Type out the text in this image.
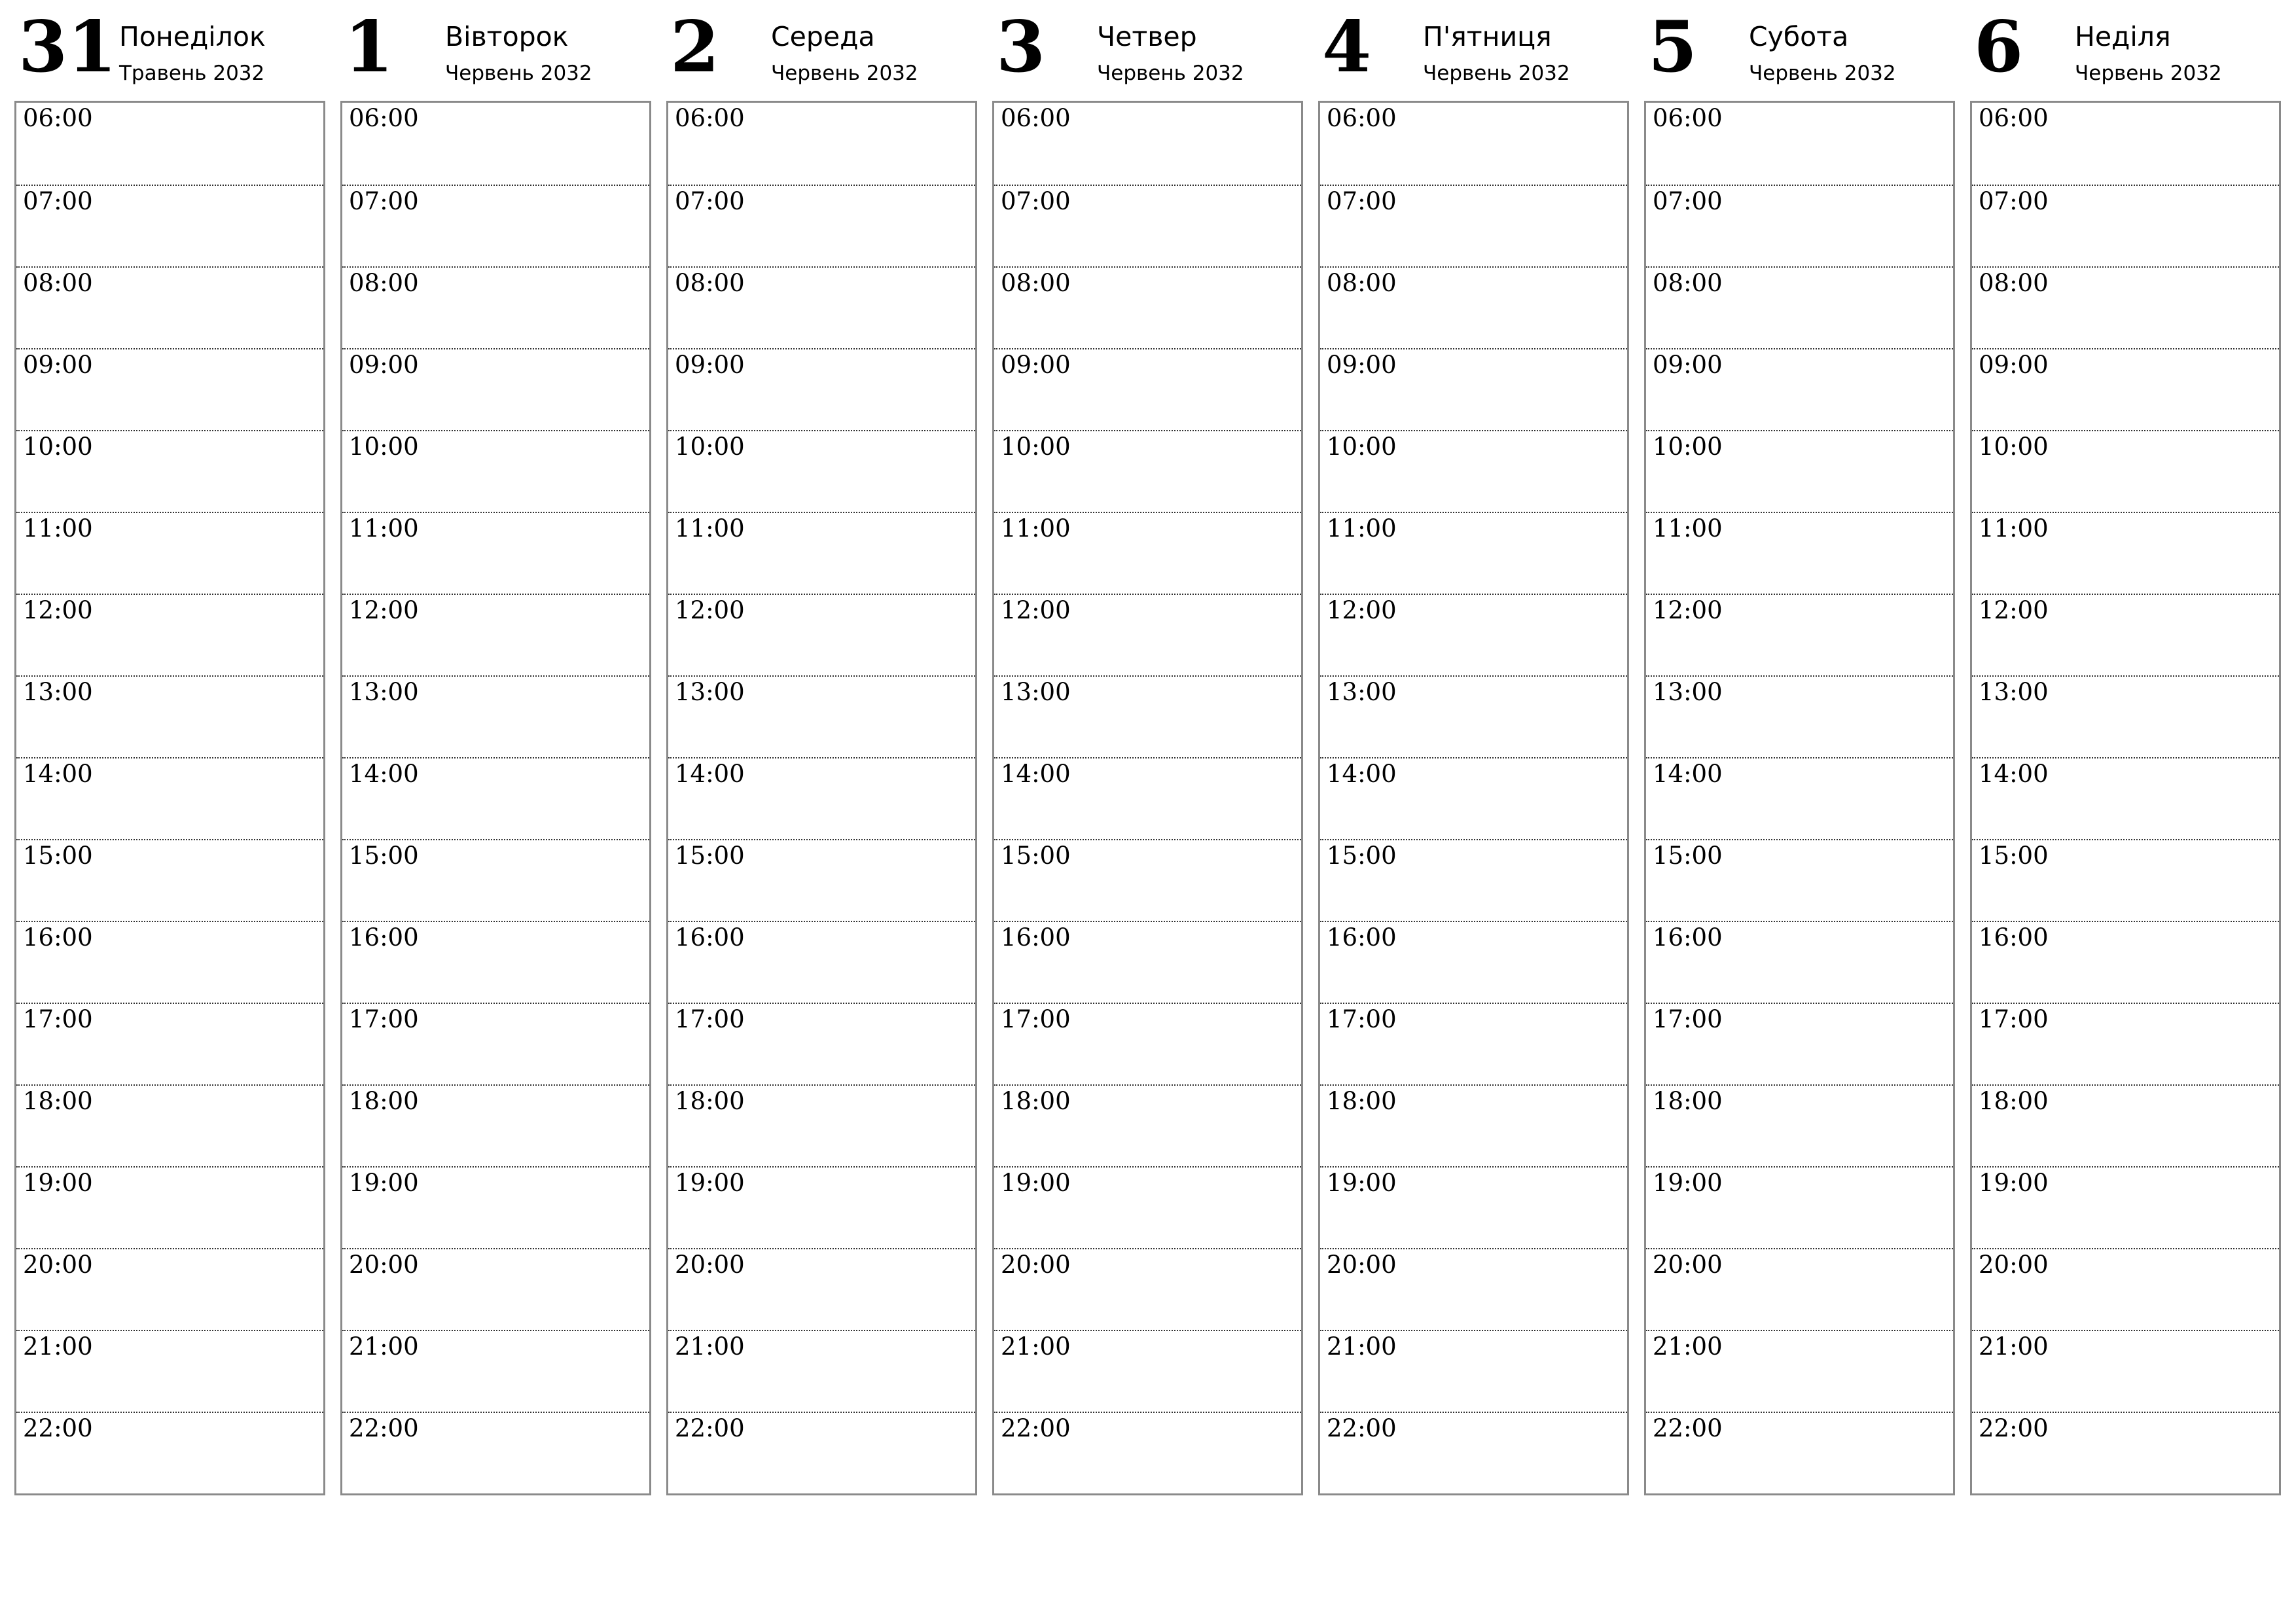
31 Понеділок
Травень 2032
06:00
07:00
08:00
09:00
10:00
11:00
12:00
13:00
14:00
15:00
16:00
17:00
18:00
19:00
20:00
21:00
22:00
1 Вівторок
Червень 2032
06:00
07:00
08:00
09:00
10:00
11:00
12:00
13:00
14:00
15:00
16:00
17:00
18:00
19:00
20:00
21:00
22:00
2 Середа
Червень 2032
06:00
07:00
08:00
09:00
10:00
11:00
12:00
13:00
14:00
15:00
16:00
17:00
18:00
19:00
20:00
21:00
22:00
3 Четвер
Червень 2032
06:00
07:00
08:00
09:00
10:00
11:00
12:00
13:00
14:00
15:00
16:00
17:00
18:00
19:00
20:00
21:00
22:00
4 П'ятниця
Червень 2032
06:00
07:00
08:00
09:00
10:00
11:00
12:00
13:00
14:00
15:00
16:00
17:00
18:00
19:00
20:00
21:00
22:00
5 Субота
Червень 2032
06:00
07:00
08:00
09:00
10:00
11:00
12:00
13:00
14:00
15:00
16:00
17:00
18:00
19:00
20:00
21:00
22:00
6 Неділя
Червень 2032
06:00
07:00
08:00
09:00
10:00
11:00
12:00
13:00
14:00
15:00
16:00
17:00
18:00
19:00
20:00
21:00
22:00
